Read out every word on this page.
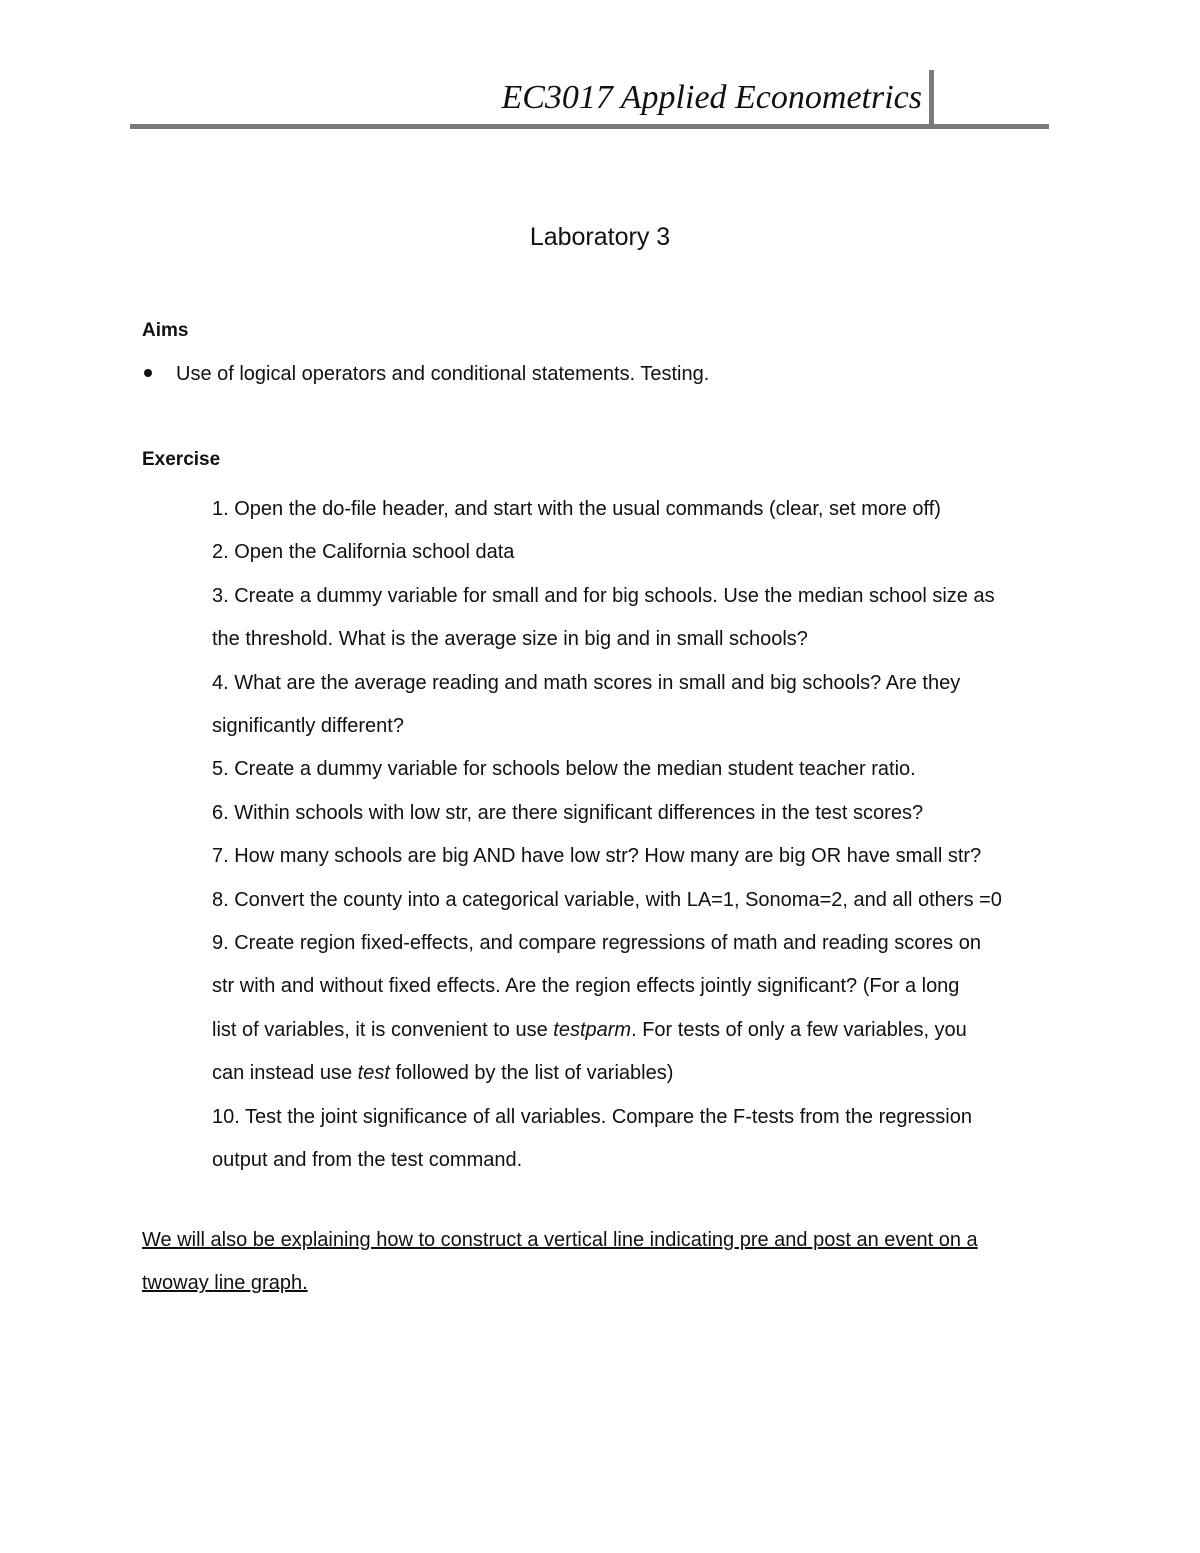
EC3017 Applied Econometrics
Laboratory 3
Aims
Use of logical operators and conditional statements. Testing.
Exercise
1. Open the do-file header, and start with the usual commands (clear, set more off)
2. Open the California school data
3. Create a dummy variable for small and for big schools. Use the median school size as
the threshold. What is the average size in big and in small schools?
4. What are the average reading and math scores in small and big schools? Are they
significantly different?
5. Create a dummy variable for schools below the median student teacher ratio.
6. Within schools with low str, are there significant differences in the test scores?
7. How many schools are big AND have low str? How many are big OR have small str?
8. Convert the county into a categorical variable, with LA=1, Sonoma=2, and all others =0
9. Create region fixed-effects, and compare regressions of math and reading scores on
str with and without fixed effects. Are the region effects jointly significant? (For a long
list of variables, it is convenient to use testparm. For tests of only a few variables, you
can instead use test followed by the list of variables)
10. Test the joint significance of all variables. Compare the F-tests from the regression
output and from the test command.

We will also be explaining how to construct a vertical line indicating pre and post an event on a
twoway line graph.
